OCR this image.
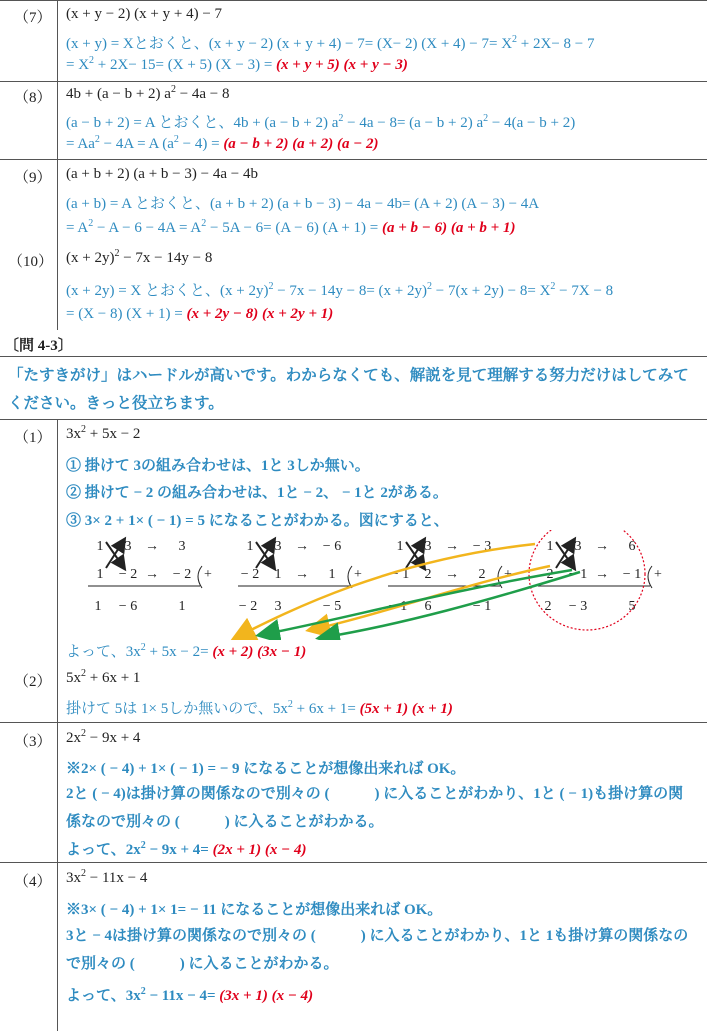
（7） (x + y − 2) (x + y + 4) − 7
(x + y) = Xとおくと、(x + y − 2) (x + y + 4) − 7= (X− 2) $(X + 4) - 7= X^2 + 2X- 8 - 7$
= $X^2 + 2X- 15= (X + 5) (X - 3) = (x + y + 5) (x + y - 3)$
（8） 4b + (a − b + 2) $a^2 - 4a - 8$
(a − b + 2) = A とおくと、4b + (a − b + 2) $a^2 - 4a - 8= (a - b + 2) a^2 - 4(a - b + 2)$
= $Aa^2 - 4A = A$ $(a^2 - 4) = (a - b + 2) (a + 2) (a - 2)$
（9） (a + b + 2) (a + b − 3) − 4a − 4b
(a + b) = A とおくと、(a + b + 2) (a + b − 3) − 4a − 4b= (A + 2) (A − 3) − 4A
= $A^2 - A - 6 - 4A = A^2 - 5A - 6= (A - 6) (A + 1) = (a + b - 6) (a + b + 1)$
（10） $(x + 2y)^2 - 7x - 14y - 8$
(x + 2y) = X とおくと、$(x + 2y)^2 - 7x - 14y - 8= (x + 2y)^2 - 7(x + 2y) - 8= X^2 - 7X - 8$
= (X − 8) (X + 1) = (x + 2y − 8) (x + 2y + 1)
〔問 4-3〕
「たすきがけ」はハードルが高いです。わからなくても、解説を見て理解する努力だけはしてみてください。きっと役立ちます。
（1） $3x^2 + 5x - 2$
① 掛けて 3の組み合わせは、1と 3しか無い。
② 掛けて − 2 の組み合わせは、1と − 2、 − 1と 2がある。
③ 3× 2 + 1× ( − 1) = 5 になることがわかる。図にすると、
1 3 → 3
1 − 2 → − 2 +
1 − 6	1
1 3 → − 6
− 2 1 → 1 +
− 2 3	− 5
1 3 → − 3
− 1 2 → 2 +
− 1 6	− 1
1 3 → 6
2 − 1 → − 1 +
2 − 3	5
よって、$3x^2 + 5x - 2= (x + 2) (3x - 1)$
（2） $5x^2 + 6x + 1$
掛けて 5は 1× 5しか無いので、$5x^2 + 6x + 1= (5x + 1) (x + 1)$
（3） $2x^2 - 9x + 4$
※2× ( − 4) + 1× ( − 1) = − 9 になることが想像出来れば OK。
2と ( − 4)は掛け算の関係なので別々の (　　　) に入ることがわかり、1と ( − 1)も掛け算の関係なので別々の (　　　) に入ることがわかる。
よって、$2x^2 - 9x + 4= (2x + 1) (x - 4)$
（4） $3x^2 - 11x - 4$
※3× ( − 4) + 1× 1= − 11 になることが想像出来れば OK。
3と − 4は掛け算の関係なので別々の (　　　) に入ることがわかり、1と 1も掛け算の関係なので別々の (　　　) に入ることがわかる。
よって、$3x^2 - 11x - 4= (3x + 1) (x - 4)$
